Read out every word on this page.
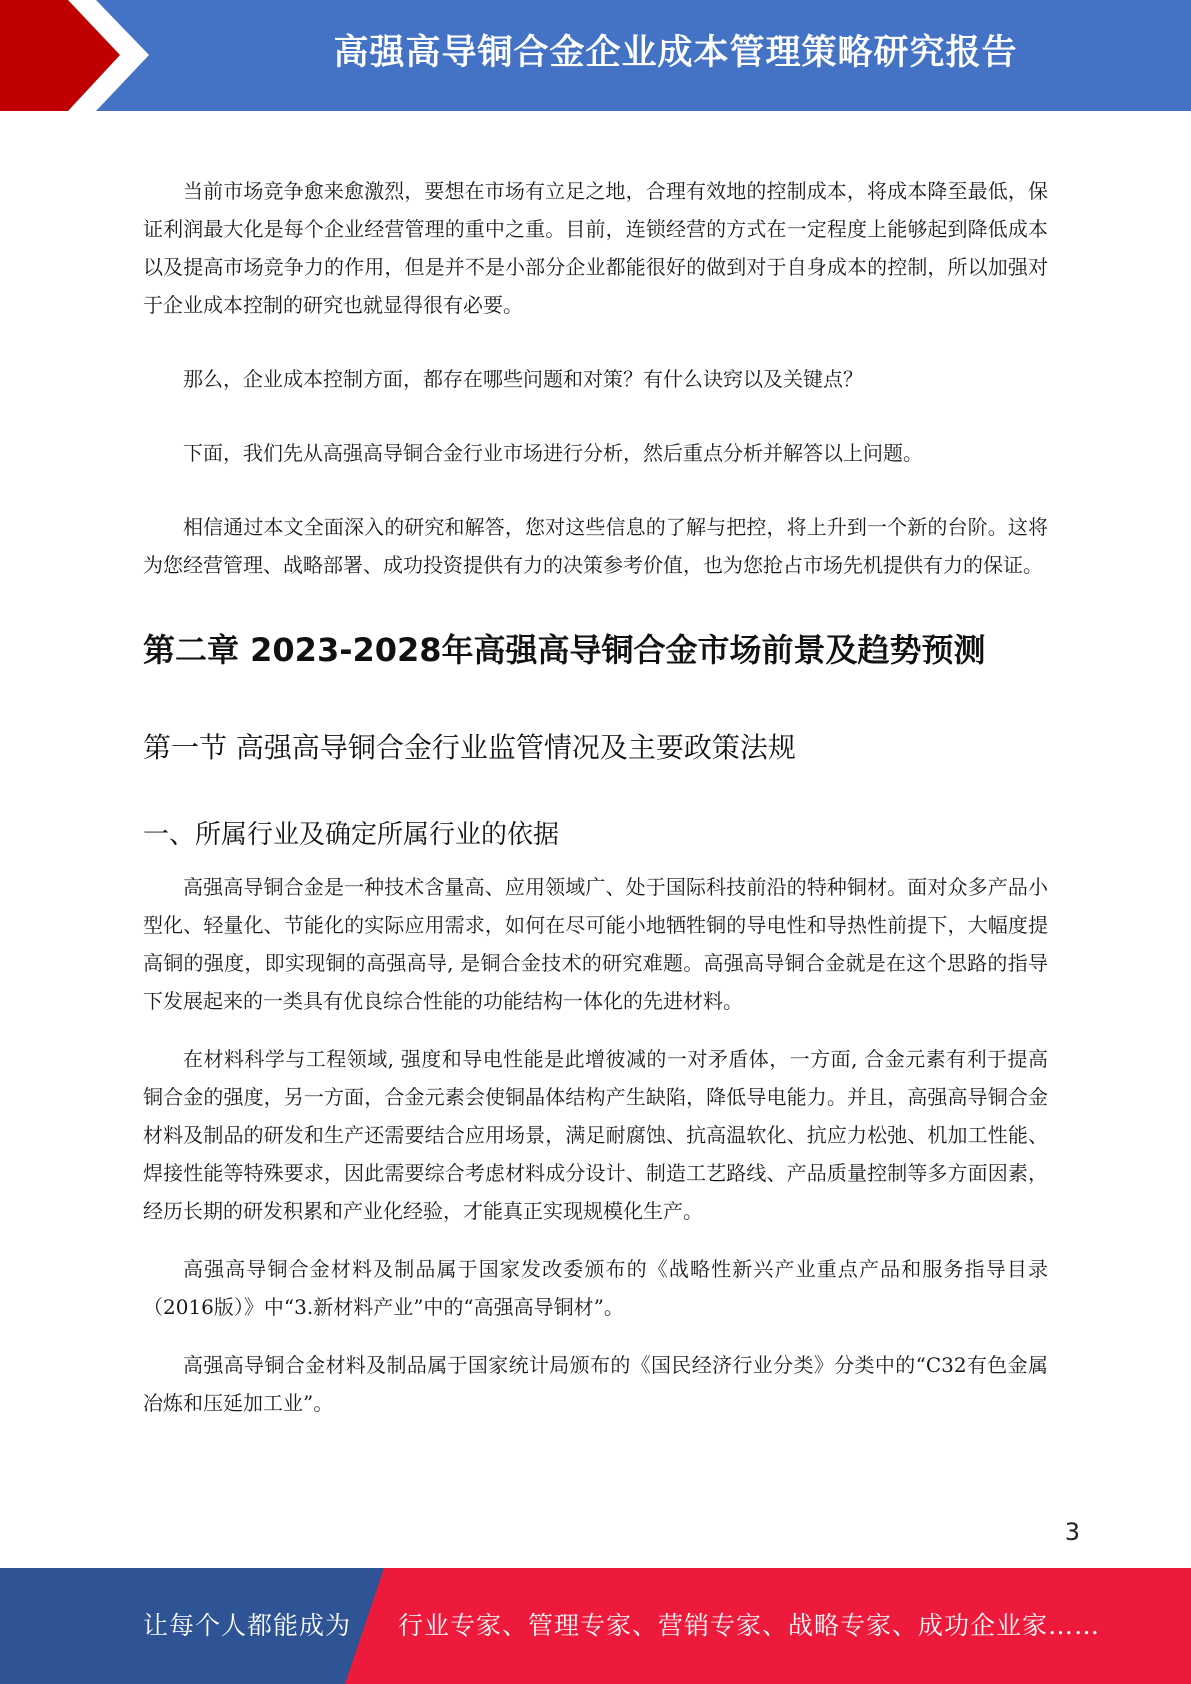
高强高导铜合金企业成本管理策略研究报告

当前市场竞争愈来愈激烈，要想在市场有立足之地，合理有效地的控制成本，将成本降至最低，保证利润最大化是每个企业经营管理的重中之重。目前，连锁经营的方式在一定程度上能够起到降低成本以及提高市场竞争力的作用，但是并不是小部分企业都能很好的做到对于自身成本的控制，所以加强对于企业成本控制的研究也就显得很有必要。

那么，企业成本控制方面，都存在哪些问题和对策？有什么诀窍以及关键点？

下面，我们先从高强高导铜合金行业市场进行分析，然后重点分析并解答以上问题。

相信通过本文全面深入的研究和解答，您对这些信息的了解与把控，将上升到一个新的台阶。这将为您经营管理、战略部署、成功投资提供有力的决策参考价值，也为您抢占市场先机提供有力的保证。

第二章 2023-2028年高强高导铜合金市场前景及趋势预测
第一节 高强高导铜合金行业监管情况及主要政策法规
一、所属行业及确定所属行业的依据

高强高导铜合金是一种技术含量高、应用领域广、处于国际科技前沿的特种铜材。面对众多产品小型化、轻量化、节能化的实际应用需求，如何在尽可能小地牺牲铜的导电性和导热性前提下，大幅度提高铜的强度，即实现铜的高强高导, 是铜合金技术的研究难题。高强高导铜合金就是在这个思路的指导下发展起来的一类具有优良综合性能的功能结构一体化的先进材料。

在材料科学与工程领域, 强度和导电性能是此增彼减的一对矛盾体，一方面, 合金元素有利于提高铜合金的强度，另一方面，合金元素会使铜晶体结构产生缺陷，降低导电能力。并且，高强高导铜合金材料及制品的研发和生产还需要结合应用场景，满足耐腐蚀、抗高温软化、抗应力松弛、机加工性能、焊接性能等特殊要求，因此需要综合考虑材料成分设计、制造工艺路线、产品质量控制等多方面因素，经历长期的研发积累和产业化经验，才能真正实现规模化生产。

高强高导铜合金材料及制品属于国家发改委颁布的《战略性新兴产业重点产品和服务指导目录（2016版）》中“3.新材料产业”中的“高强高导铜材”。

高强高导铜合金材料及制品属于国家统计局颁布的《国民经济行业分类》分类中的“C32有色金属冶炼和压延加工业”。

3
让每个人都能成为 行业专家、管理专家、营销专家、战略专家、成功企业家……
